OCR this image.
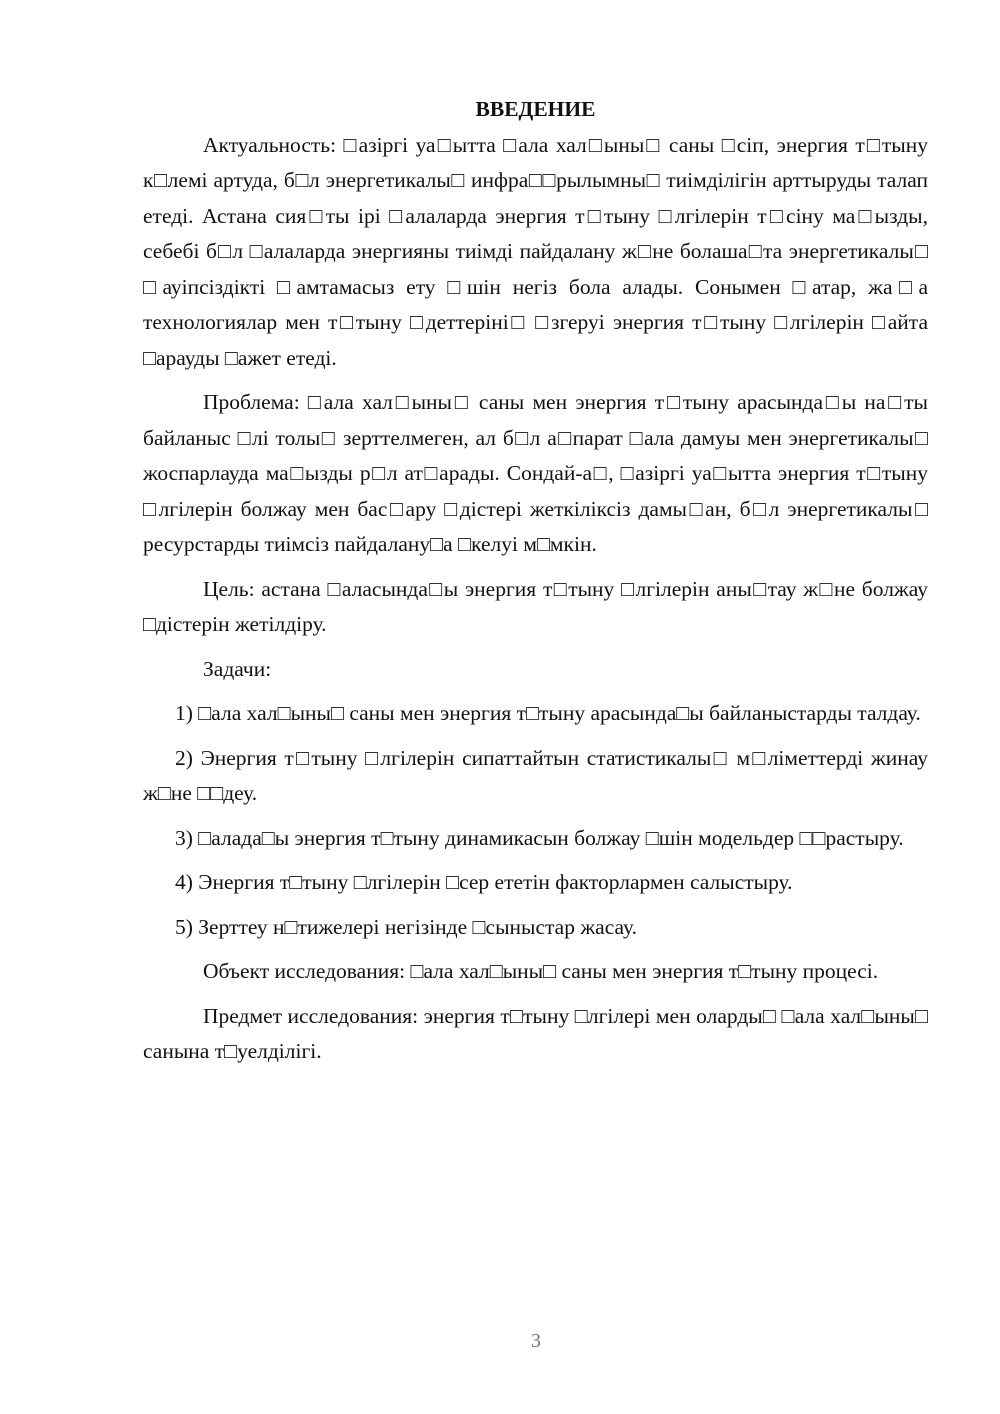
ВВЕДЕНИЕ

Актуальность: □азіргі уа□ытта □ала хал□ыны□ саны □сіп, энергия т□тыну к□лемі артуда, б□л энергетикалы□ инфра□□рылымны□ тиімділігін арттыруды талап етеді. Астана сия□ты ірі □алаларда энергия т□тыну □лгілерін т□сіну ма□ызды, себебі б□л □алаларда энергияны тиімді пайдалану ж□не болаша□та энергетикалы□ □ауіпсіздікті □амтамасыз ету □шін негіз бола алады. Сонымен □атар, жа□а технологиялар мен т□тыну □деттеріні□ □згеруі энергия т□тыну □лгілерін □айта □арауды □ажет етеді.

Проблема: □ала хал□ыны□ саны мен энергия т□тыну арасында□ы на□ты байланыс □лі толы□ зерттелмеген, ал б□л а□парат □ала дамуы мен энергетикалы□ жоспарлауда ма□ызды р□л ат□арады. Сондай-а□, □азіргі уа□ытта энергия т□тыну □лгілерін болжау мен бас□ару □дістері жеткіліксіз дамы□ан, б□л энергетикалы□ ресурстарды тиімсіз пайдалану□а □келуі м□мкін.

Цель: астана □аласында□ы энергия т□тыну □лгілерін аны□тау ж□не болжау □дістерін жетілдіру.

Задачи:

1) □ала хал□ыны□ саны мен энергия т□тыну арасында□ы байланыстарды талдау.

2) Энергия т□тыну □лгілерін сипаттайтын статистикалы□ м□ліметтерді жинау ж□не □□деу.

3) □алада□ы энергия т□тыну динамикасын болжау □шін модельдер □□растыру.

4) Энергия т□тыну □лгілерін □сер ететін факторлармен салыстыру.

5) Зерттеу н□тижелері негізінде □сыныстар жасау.

Объект исследования: □ала хал□ыны□ саны мен энергия т□тыну процесі.

Предмет исследования: энергия т□тыну □лгілері мен оларды□ □ала хал□ыны□ санына т□уелділігі.

3
